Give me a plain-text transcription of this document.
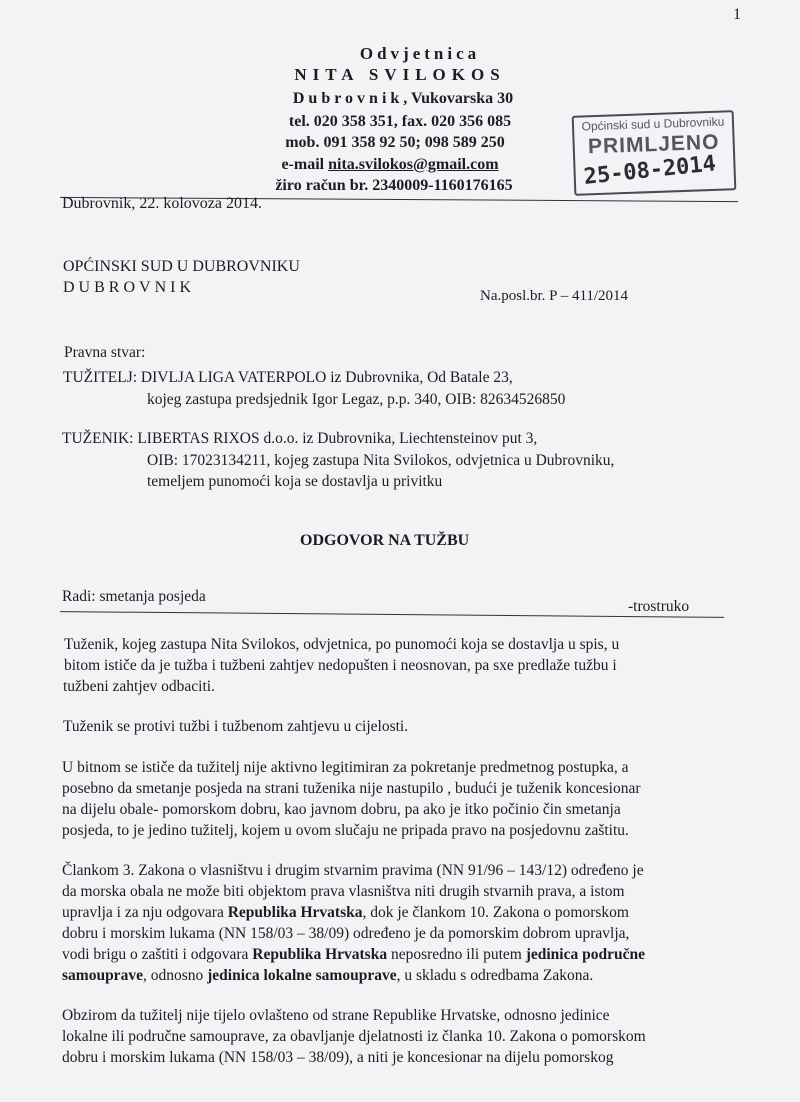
1
Odvjetnica
NITA SVILOKOS
Dubrovnik, Vukovarska 30
tel. 020 358 351, fax. 020 356 085
mob. 091 358 92 50; 098 589 250
e-mail nita.svilokos@gmail.com
žiro račun br. 2340009-1160176165
Općinski sud u Dubrovniku
PRIMLJENO
25-08-2014
Dubrovnik, 22. kolovoza 2014.
OPĆINSKI SUD U DUBROVNIKU
DUBROVNIK	Na.posl.br. P – 411/2014
Pravna stvar:
TUŽITELJ: DIVLJA LIGA VATERPOLO iz Dubrovnika, Od Batale 23,
kojeg zastupa predsjednik Igor Legaz, p.p. 340, OIB: 82634526850
TUŽENIK: LIBERTAS RIXOS d.o.o. iz Dubrovnika, Liechtensteinov put 3,
OIB: 17023134211, kojeg zastupa Nita Svilokos, odvjetnica u Dubrovniku,
temeljem punomoći koja se dostavlja u privitku
ODGOVOR NA TUŽBU
Radi: smetanja posjeda
-trostruko
Tuženik, kojeg zastupa Nita Svilokos, odvjetnica, po punomoći koja se dostavlja u spis, u
bitom ističe da je tužba i tužbeni zahtjev nedopušten i neosnovan, pa sxe predlaže tužbu i
tužbeni zahtjev odbaciti.
Tuženik se protivi tužbi i tužbenom zahtjevu u cijelosti.
U bitnom se ističe da tužitelj nije aktivno legitimiran za pokretanje predmetnog postupka, a
posebno da smetanje posjeda na strani tuženika nije nastupilo , budući je tuženik koncesionar
na dijelu obale- pomorskom dobru, kao javnom dobru, pa ako je itko počinio čin smetanja
posjeda, to je jedino tužitelj, kojem u ovom slučaju ne pripada pravo na posjedovnu zaštitu.
Člankom 3. Zakona o vlasništvu i drugim stvarnim pravima (NN 91/96 – 143/12) određeno je
da morska obala ne može biti objektom prava vlasništva niti drugih stvarnih prava, a istom
upravlja i za nju odgovara Republika Hrvatska, dok je člankom 10. Zakona o pomorskom
dobru i morskim lukama (NN 158/03 – 38/09) određeno je da pomorskim dobrom upravlja,
vodi brigu o zaštiti i odgovara Republika Hrvatska neposredno ili putem jedinica područne
samouprave, odnosno jedinica lokalne samouprave, u skladu s odredbama Zakona.
Obzirom da tužitelj nije tijelo ovlašteno od strane Republike Hrvatske, odnosno jedinice
lokalne ili područne samouprave, za obavljanje djelatnosti iz članka 10. Zakona o pomorskom
dobru i morskim lukama (NN 158/03 – 38/09), a niti je koncesionar na dijelu pomorskog
